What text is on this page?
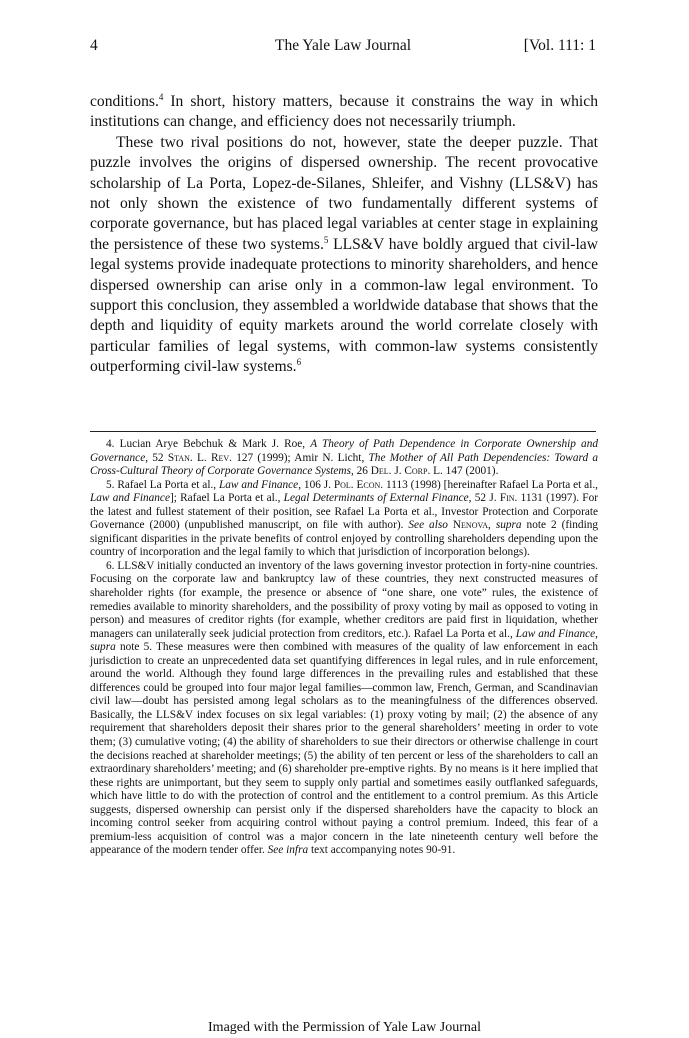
4	The Yale Law Journal	[Vol. 111: 1

conditions.$^4$ In short, history matters, because it constrains the way in which institutions can change, and efficiency does not necessarily triumph.

These two rival positions do not, however, state the deeper puzzle. That puzzle involves the origins of dispersed ownership. The recent provocative scholarship of La Porta, Lopez-de-Silanes, Shleifer, and Vishny (LLS&V) has not only shown the existence of two fundamentally different systems of corporate governance, but has placed legal variables at center stage in explaining the persistence of these two systems.$^5$ LLS&V have boldly argued that civil-law legal systems provide inadequate protections to minority shareholders, and hence dispersed ownership can arise only in a common-law legal environment. To support this conclusion, they assembled a worldwide database that shows that the depth and liquidity of equity markets around the world correlate closely with particular families of legal systems, with common-law systems consistently outperforming civil-law systems.$^6$

4. Lucian Arye Bebchuk & Mark J. Roe, A Theory of Path Dependence in Corporate Ownership and Governance, 52 Stan. L. Rev. 127 (1999); Amir N. Licht, The Mother of All Path Dependencies: Toward a Cross-Cultural Theory of Corporate Governance Systems, 26 Del. J. Corp. L. 147 (2001).

5. Rafael La Porta et al., Law and Finance, 106 J. Pol. Econ. 1113 (1998) [hereinafter Rafael La Porta et al., Law and Finance]; Rafael La Porta et al., Legal Determinants of External Finance, 52 J. Fin. 1131 (1997). For the latest and fullest statement of their position, see Rafael La Porta et al., Investor Protection and Corporate Governance (2000) (unpublished manuscript, on file with author). See also Nenova, supra note 2 (finding significant disparities in the private benefits of control enjoyed by controlling shareholders depending upon the country of incorporation and the legal family to which that jurisdiction of incorporation belongs).

6. LLS&V initially conducted an inventory of the laws governing investor protection in forty-nine countries. Focusing on the corporate law and bankruptcy law of these countries, they next constructed measures of shareholder rights (for example, the presence or absence of “one share, one vote” rules, the existence of remedies available to minority shareholders, and the possibility of proxy voting by mail as opposed to voting in person) and measures of creditor rights (for example, whether creditors are paid first in liquidation, whether managers can unilaterally seek judicial protection from creditors, etc.). Rafael La Porta et al., Law and Finance, supra note 5. These measures were then combined with measures of the quality of law enforcement in each jurisdiction to create an unprecedented data set quantifying differences in legal rules, and in rule enforcement, around the world. Although they found large differences in the prevailing rules and established that these differences could be grouped into four major legal families—common law, French, German, and Scandinavian civil law—doubt has persisted among legal scholars as to the meaningfulness of the differences observed. Basically, the LLS&V index focuses on six legal variables: (1) proxy voting by mail; (2) the absence of any requirement that shareholders deposit their shares prior to the general shareholders’ meeting in order to vote them; (3) cumulative voting; (4) the ability of shareholders to sue their directors or otherwise challenge in court the decisions reached at shareholder meetings; (5) the ability of ten percent or less of the shareholders to call an extraordinary shareholders’ meeting; and (6) shareholder pre-emptive rights. By no means is it here implied that these rights are unimportant, but they seem to supply only partial and sometimes easily outflanked safeguards, which have little to do with the protection of control and the entitlement to a control premium. As this Article suggests, dispersed ownership can persist only if the dispersed shareholders have the capacity to block an incoming control seeker from acquiring control without paying a control premium. Indeed, this fear of a premium-less acquisition of control was a major concern in the late nineteenth century well before the appearance of the modern tender offer. See infra text accompanying notes 90-91.

Imaged with the Permission of Yale Law Journal
